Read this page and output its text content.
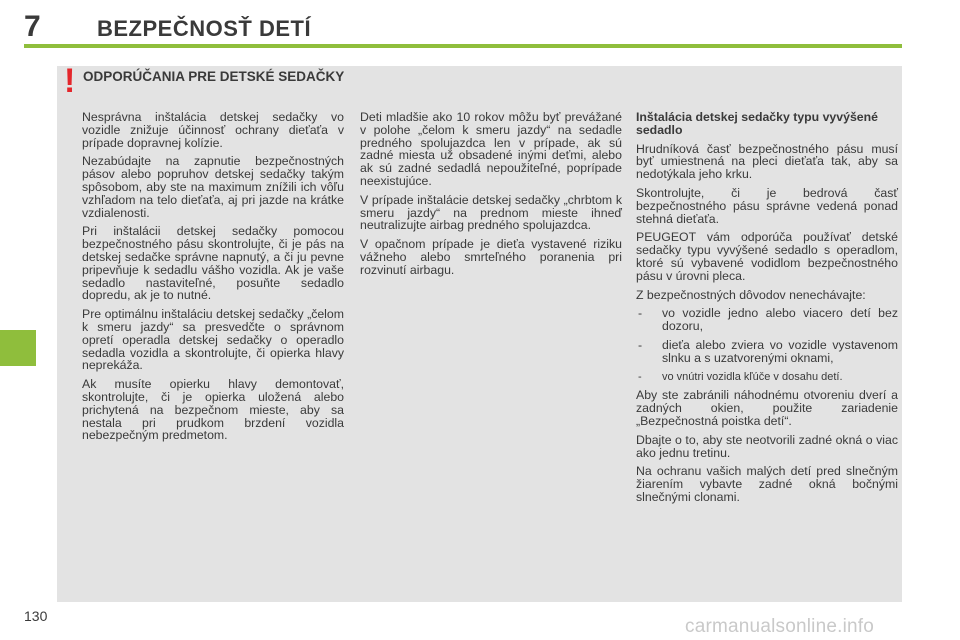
7	BEZPEČNOSŤ DETÍ
! ODPORÚČANIA PRE DETSKÉ SEDAČKY

Nesprávna inštalácia detskej sedačky vo vozidle znižuje účinnosť ochrany dieťaťa v prípade dopravnej kolízie.

Nezabúdajte na zapnutie bezpečnostných pásov alebo popruhov detskej sedačky takým spôsobom, aby ste na maximum znížili ich vôľu vzhľadom na telo dieťaťa, aj pri jazde na krátke vzdialenosti.

Pri inštalácii detskej sedačky pomocou bezpečnostného pásu skontrolujte, či je pás na detskej sedačke správne napnutý, a či ju pevne pripevňuje k sedadlu vášho vozidla. Ak je vaše sedadlo nastaviteľné, posuňte sedadlo dopredu, ak je to nutné.

Pre optimálnu inštaláciu detskej sedačky „čelom k smeru jazdy“ sa presvedčte o správnom opretí operadla detskej sedačky o operadlo sedadla vozidla a skontrolujte, či opierka hlavy neprekáža.

Ak musíte opierku hlavy demontovať, skontrolujte, či je opierka uložená alebo prichytená na bezpečnom mieste, aby sa nestala pri prudkom brzdení vozidla nebezpečným predmetom.

Deti mladšie ako 10 rokov môžu byť prevážané v polohe „čelom k smeru jazdy“ na sedadle predného spolujazdca len v prípade, ak sú zadné miesta už obsadené inými deťmi, alebo ak sú zadné sedadlá nepoužiteľné, poprípade neexistujúce.

V prípade inštalácie detskej sedačky „chrbtom k smeru jazdy“ na prednom mieste ihneď neutralizujte airbag predného spolujazdca.

V opačnom prípade je dieťa vystavené riziku vážneho alebo smrteľného poranenia pri rozvinutí airbagu.

Inštalácia detskej sedačky typu vyvýšené sedadlo

Hrudníková časť bezpečnostného pásu musí byť umiestnená na pleci dieťaťa tak, aby sa nedotýkala jeho krku.

Skontrolujte, či je bedrová časť bezpečnostného pásu správne vedená ponad stehná dieťaťa.

PEUGEOT vám odporúča používať detské sedačky typu vyvýšené sedadlo s operadlom, ktoré sú vybavené vodidlom bezpečnostného pásu v úrovni pleca.

Z bezpečnostných dôvodov nenechávajte:

- vo vozidle jedno alebo viacero detí bez dozoru,
- dieťa alebo zviera vo vozidle vystavenom slnku a s uzatvorenými oknami,
- vo vnútri vozidla kľúče v dosahu detí.

Aby ste zabránili náhodnému otvoreniu dverí a zadných okien, použite zariadenie „Bezpečnostná poistka detí“.

Dbajte o to, aby ste neotvorili zadné okná o viac ako jednu tretinu.

Na ochranu vašich malých detí pred slnečným žiarením vybavte zadné okná bočnými slnečnými clonami.

130	carmanualsonline.info
